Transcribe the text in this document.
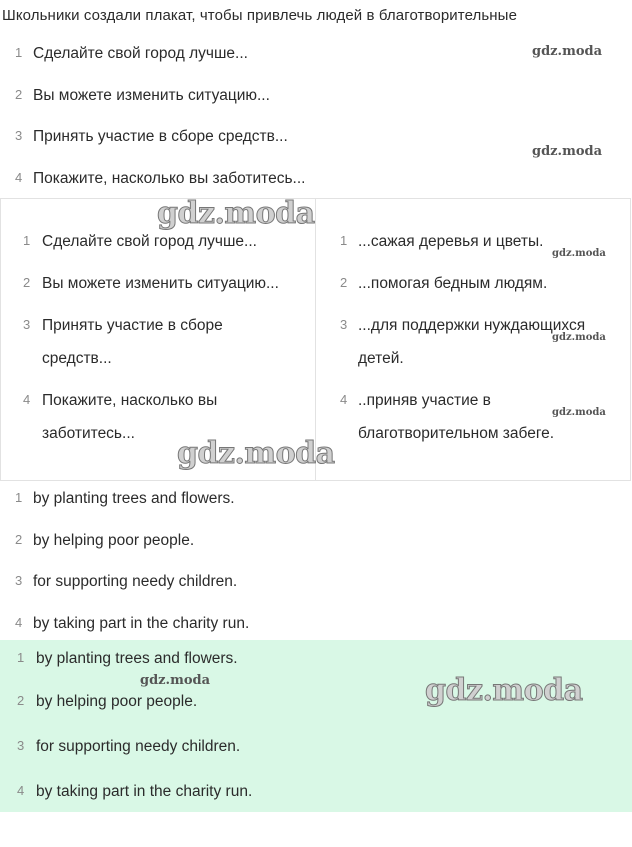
Школьники создали плакат, чтобы привлечь людей в благотворительные
1 Сделайте свой город лучше...
2 Вы можете изменить ситуацию...
3 Принять участие в сборе средств...
4 Покажите, насколько вы заботитесь...
1 Сделайте свой город лучше...
2 Вы можете изменить ситуацию...
3 Принять участие в сборе средств...
4 Покажите, насколько вы заботитесь...
1 ...сажая деревья и цветы.
2 ...помогая бедным людям.
3 ...для поддержки нуждающихся детей.
4 ..приняв участие в благотворительном забеге.
1 by planting trees and flowers.
2 by helping poor people.
3 for supporting needy children.
4 by taking part in the charity run.
1 by planting trees and flowers.
2 by helping poor people.
3 for supporting needy children.
4 by taking part in the charity run.
gdz.moda
gdz.moda
gdz.moda
gdz.moda
gdz.moda
gdz.moda
gdz.moda
gdz.moda	gdz.moda
